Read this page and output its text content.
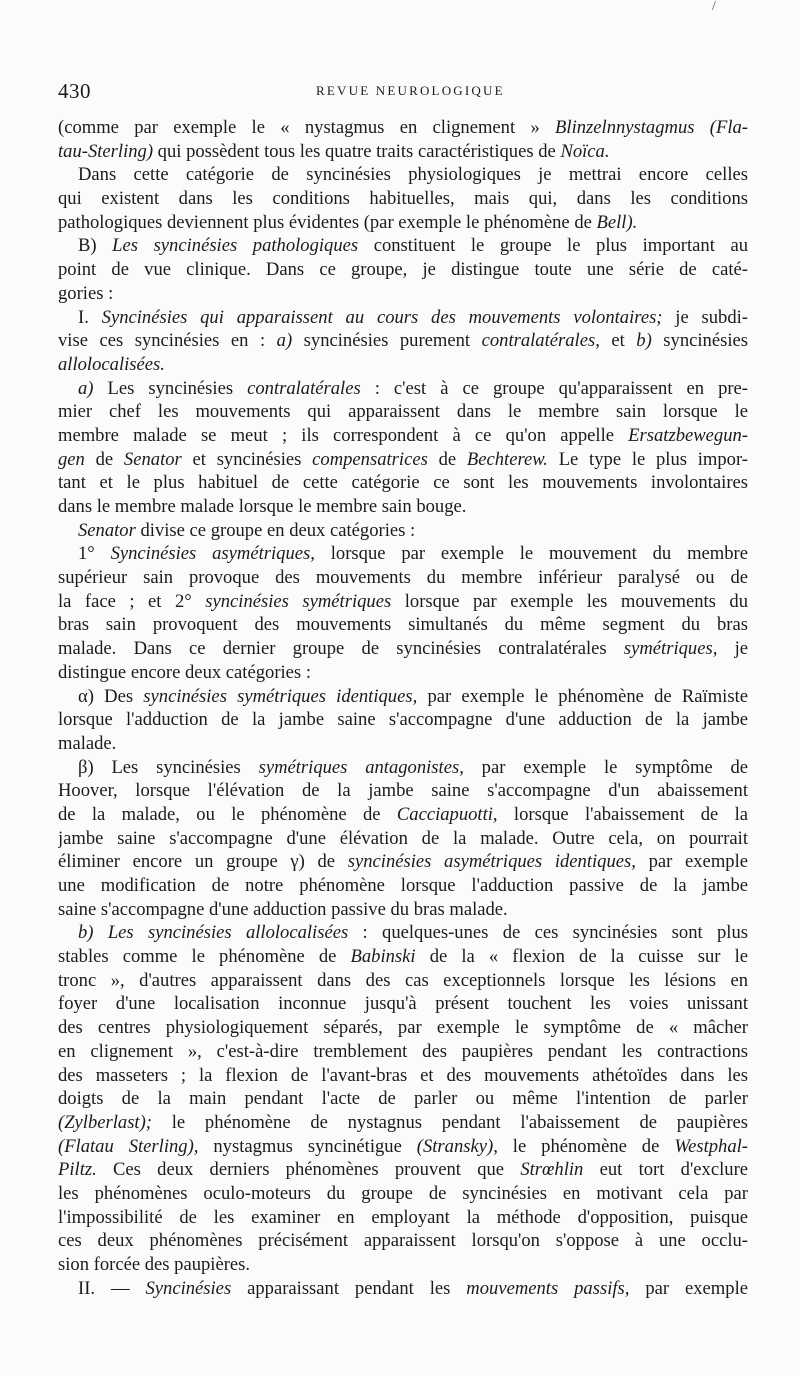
/
430	REVUE NEUROLOGIQUE
(comme par exemple le « nystagmus en clignement » Blinzelnnystagmus (Fla-
tau-Sterling) qui possèdent tous les quatre traits caractéristiques de Noïca.
Dans cette catégorie de syncinésies physiologiques je mettrai encore celles
qui existent dans les conditions habituelles, mais qui, dans les conditions
pathologiques deviennent plus évidentes (par exemple le phénomène de Bell).
B) Les syncinésies pathologiques constituent le groupe le plus important au
point de vue clinique. Dans ce groupe, je distingue toute une série de caté-
gories :
I. Syncinésies qui apparaissent au cours des mouvements volontaires; je subdi-
vise ces syncinésies en : a) syncinésies purement contralatérales, et b) syncinésies
allolocalisées.
a) Les syncinésies contralatérales : c'est à ce groupe qu'apparaissent en pre-
mier chef les mouvements qui apparaissent dans le membre sain lorsque le
membre malade se meut ; ils correspondent à ce qu'on appelle Ersatzbewegun-
gen de Senator et syncinésies compensatrices de Bechterew. Le type le plus impor-
tant et le plus habituel de cette catégorie ce sont les mouvements involontaires
dans le membre malade lorsque le membre sain bouge.
Senator divise ce groupe en deux catégories :
1° Syncinésies asymétriques, lorsque par exemple le mouvement du membre
supérieur sain provoque des mouvements du membre inférieur paralysé ou de
la face ; et 2° syncinésies symétriques lorsque par exemple les mouvements du
bras sain provoquent des mouvements simultanés du même segment du bras
malade. Dans ce dernier groupe de syncinésies contralatérales symétriques, je
distingue encore deux catégories :
α) Des syncinésies symétriques identiques, par exemple le phénomène de Raïmiste
lorsque l'adduction de la jambe saine s'accompagne d'une adduction de la jambe
malade.
β) Les syncinésies symétriques antagonistes, par exemple le symptôme de
Hoover, lorsque l'élévation de la jambe saine s'accompagne d'un abaissement
de la malade, ou le phénomène de Cacciapuotti, lorsque l'abaissement de la
jambe saine s'accompagne d'une élévation de la malade. Outre cela, on pourrait
éliminer encore un groupe γ) de syncinésies asymétriques identiques, par exemple
une modification de notre phénomène lorsque l'adduction passive de la jambe
saine s'accompagne d'une adduction passive du bras malade.
b) Les syncinésies allolocalisées : quelques-unes de ces syncinésies sont plus
stables comme le phénomène de Babinski de la « flexion de la cuisse sur le
tronc », d'autres apparaissent dans des cas exceptionnels lorsque les lésions en
foyer d'une localisation inconnue jusqu'à présent touchent les voies unissant
des centres physiologiquement séparés, par exemple le symptôme de « mâcher
en clignement », c'est-à-dire tremblement des paupières pendant les contractions
des masseters ; la flexion de l'avant-bras et des mouvements athétoïdes dans les
doigts de la main pendant l'acte de parler ou même l'intention de parler
(Zylberlast); le phénomène de nystagnus pendant l'abaissement de paupières
(Flatau Sterling), nystagmus syncinétigue (Stransky), le phénomène de Westphal-
Piltz. Ces deux derniers phénomènes prouvent que Strœhlin eut tort d'exclure
les phénomènes oculo-moteurs du groupe de syncinésies en motivant cela par
l'impossibilité de les examiner en employant la méthode d'opposition, puisque
ces deux phénomènes précisément apparaissent lorsqu'on s'oppose à une occlu-
sion forcée des paupières.
II. — Syncinésies apparaissant pendant les mouvements passifs, par exemple
